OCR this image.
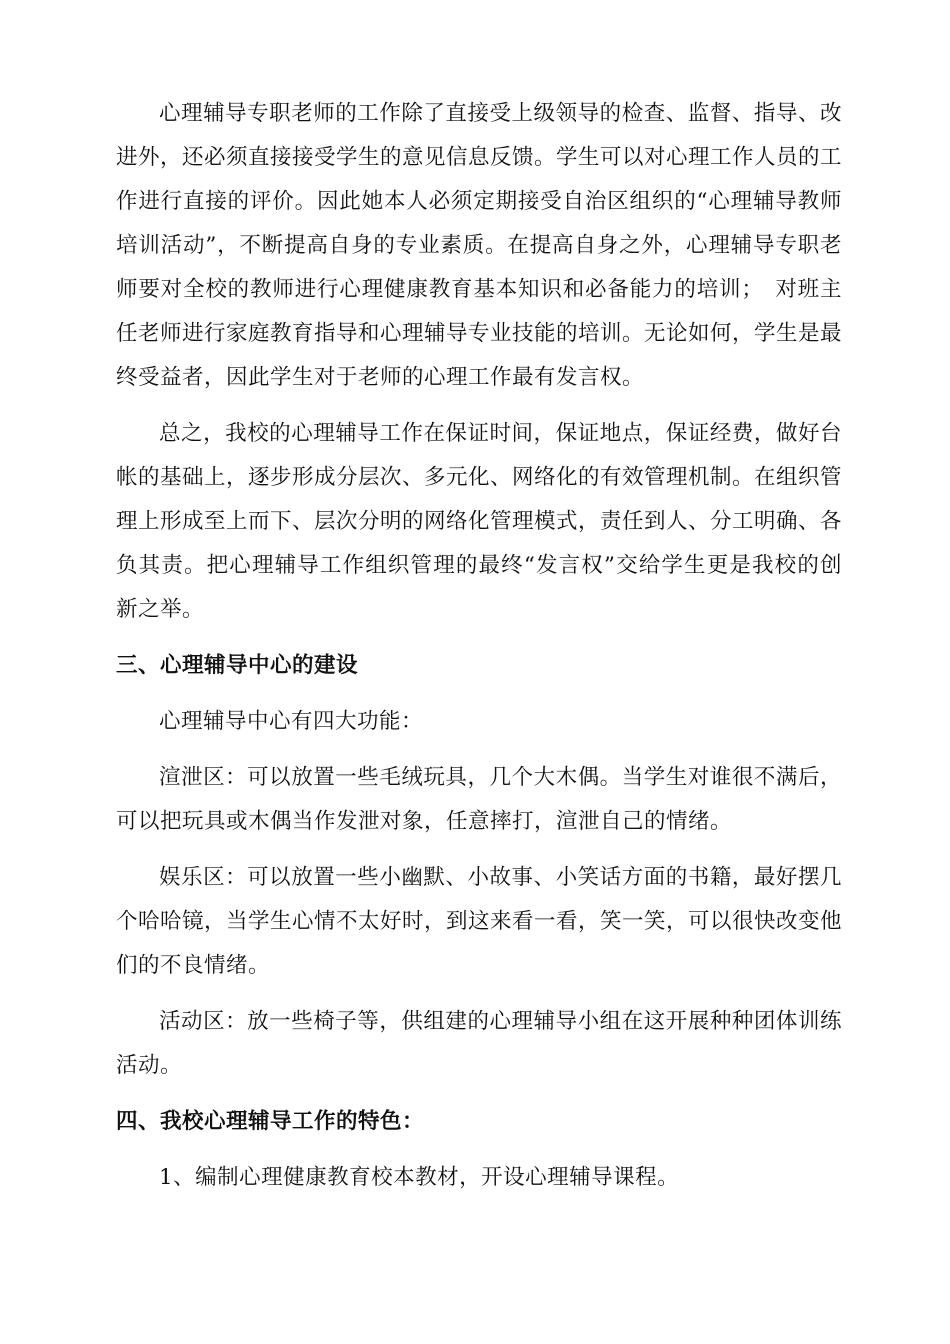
心理辅导专职老师的工作除了直接受上级领导的检查、监督、指导、改进外，还必须直接接受学生的意见信息反馈。学生可以对心理工作人员的工作进行直接的评价。因此她本人必须定期接受自治区组织的“心理辅导教师培训活动”，不断提高自身的专业素质。在提高自身之外，心理辅导专职老师要对全校的教师进行心理健康教育基本知识和必备能力的培训；　对班主任老师进行家庭教育指导和心理辅导专业技能的培训。无论如何，学生是最终受益者，因此学生对于老师的心理工作最有发言权。

总之，我校的心理辅导工作在保证时间，保证地点，保证经费，做好台帐的基础上，逐步形成分层次、多元化、网络化的有效管理机制。在组织管理上形成至上而下、层次分明的网络化管理模式，责任到人、分工明确、各负其责。把心理辅导工作组织管理的最终“发言权”交给学生更是我校的创新之举。

三、心理辅导中心的建设

心理辅导中心有四大功能：

渲泄区：可以放置一些毛绒玩具，几个大木偶。当学生对谁很不满后，可以把玩具或木偶当作发泄对象，任意摔打，渲泄自己的情绪。

娱乐区：可以放置一些小幽默、小故事、小笑话方面的书籍，最好摆几个哈哈镜，当学生心情不太好时，到这来看一看，笑一笑，可以很快改变他们的不良情绪。

活动区：放一些椅子等，供组建的心理辅导小组在这开展种种团体训练活动。

四、我校心理辅导工作的特色：

1、编制心理健康教育校本教材，开设心理辅导课程。
